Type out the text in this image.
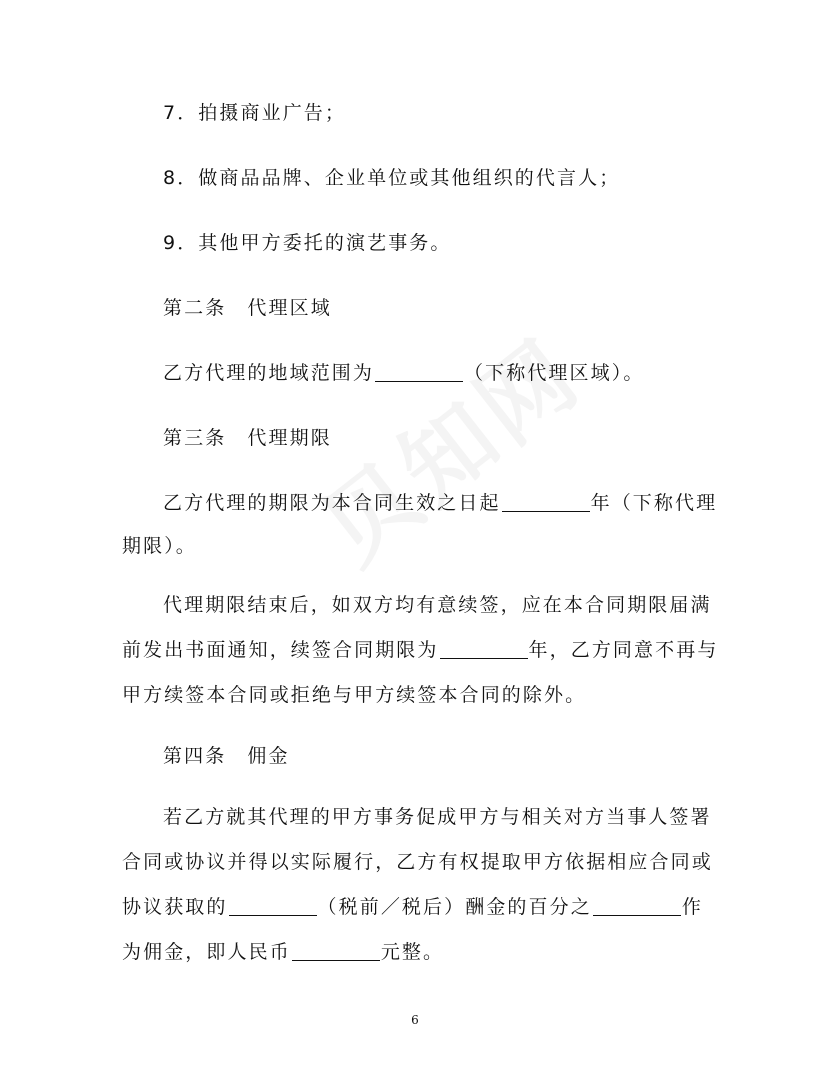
7．拍摄商业广告；
8．做商品品牌、企业单位或其他组织的代言人；
9．其他甲方委托的演艺事务。
第二条　代理区域
乙方代理的地域范围为	（下称代理区域）。
第三条　代理期限
乙方代理的期限为本合同生效之日起	年（下称代理
期限）。
代理期限结束后，如双方均有意续签，应在本合同期限届满
前发出书面通知，续签合同期限为	年，乙方同意不再与
甲方续签本合同或拒绝与甲方续签本合同的除外。
第四条　佣金
若乙方就其代理的甲方事务促成甲方与相关对方当事人签署
合同或协议并得以实际履行，乙方有权提取甲方依据相应合同或
协议获取的	（税前／税后）酬金的百分之	作
为佣金，即人民币	元整。
6
